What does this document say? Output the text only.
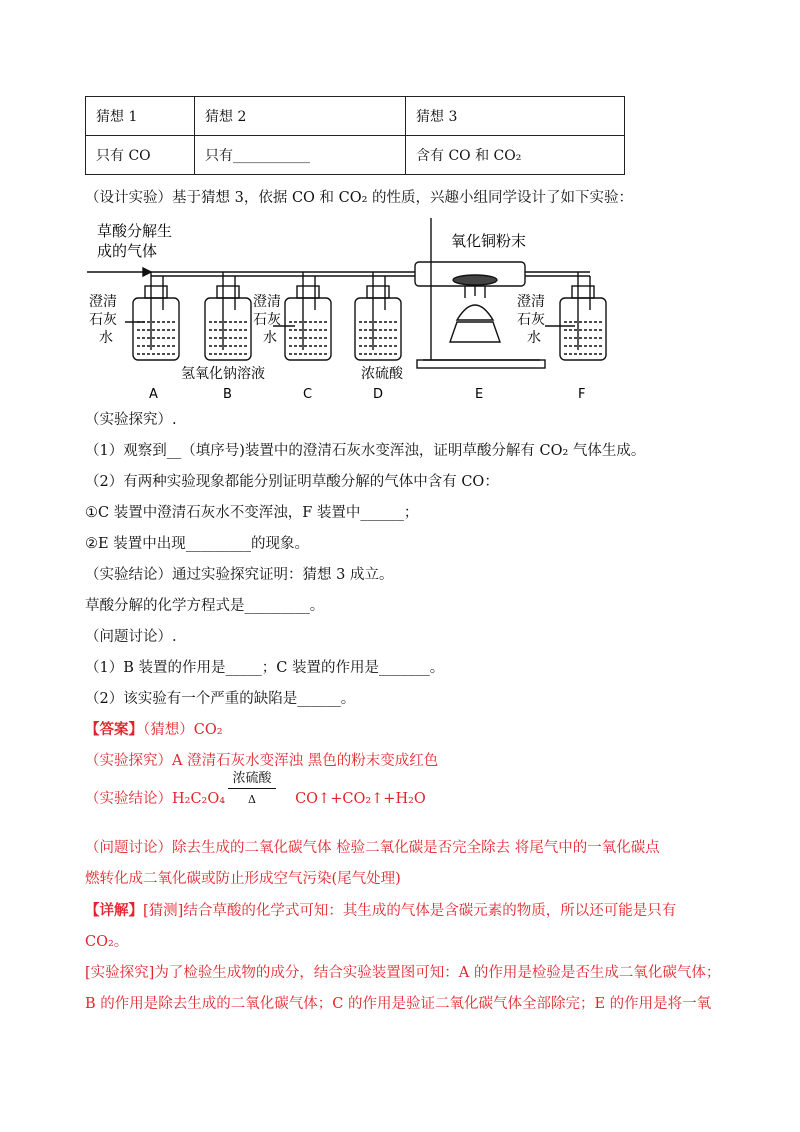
猜想 1	猜想 2	猜想 3
只有 CO	只有___________	含有 CO 和 CO₂
（设计实验）基于猜想 3，依据 CO 和 CO₂ 的性质，兴趣小组同学设计了如下实验：
草酸分解生
成的气体
氧化铜粉末
澄清
石灰
水
澄清
石灰
水
澄清
石灰
水
氢氧化钠溶液	浓硫酸
A	B	C	D	E	F
（实验探究）.
（1）观察到__（填序号)装置中的澄清石灰水变浑浊，证明草酸分解有 CO₂ 气体生成。
（2）有两种实验现象都能分别证明草酸分解的气体中含有 CO：
①C 装置中澄清石灰水不变浑浊，F 装置中______；
②E 装置中出现_________的现象。
（实验结论）通过实验探究证明：猜想 3 成立。
草酸分解的化学方程式是_________。
（问题讨论）.
（1）B 装置的作用是_____；C 装置的作用是_______。
（2）该实验有一个严重的缺陷是______。
【答案】（猜想）CO₂
（实验探究）A 澄清石灰水变浑浊 黑色的粉末变成红色
浓硫酸
Δ
（实验结论）H₂C₂O₄	CO↑+CO₂↑+H₂O
（问题讨论）除去生成的二氧化碳气体 检验二氧化碳是否完全除去 将尾气中的一氧化碳点
燃转化成二氧化碳或防止形成空气污染(尾气处理)
【详解】[猜测]结合草酸的化学式可知：其生成的气体是含碳元素的物质，所以还可能是只有
CO₂。
[实验探究]为了检验生成物的成分，结合实验装置图可知：A 的作用是检验是否生成二氧化碳气体；
B 的作用是除去生成的二氧化碳气体；C 的作用是验证二氧化碳气体全部除完；E 的作用是将一氧
